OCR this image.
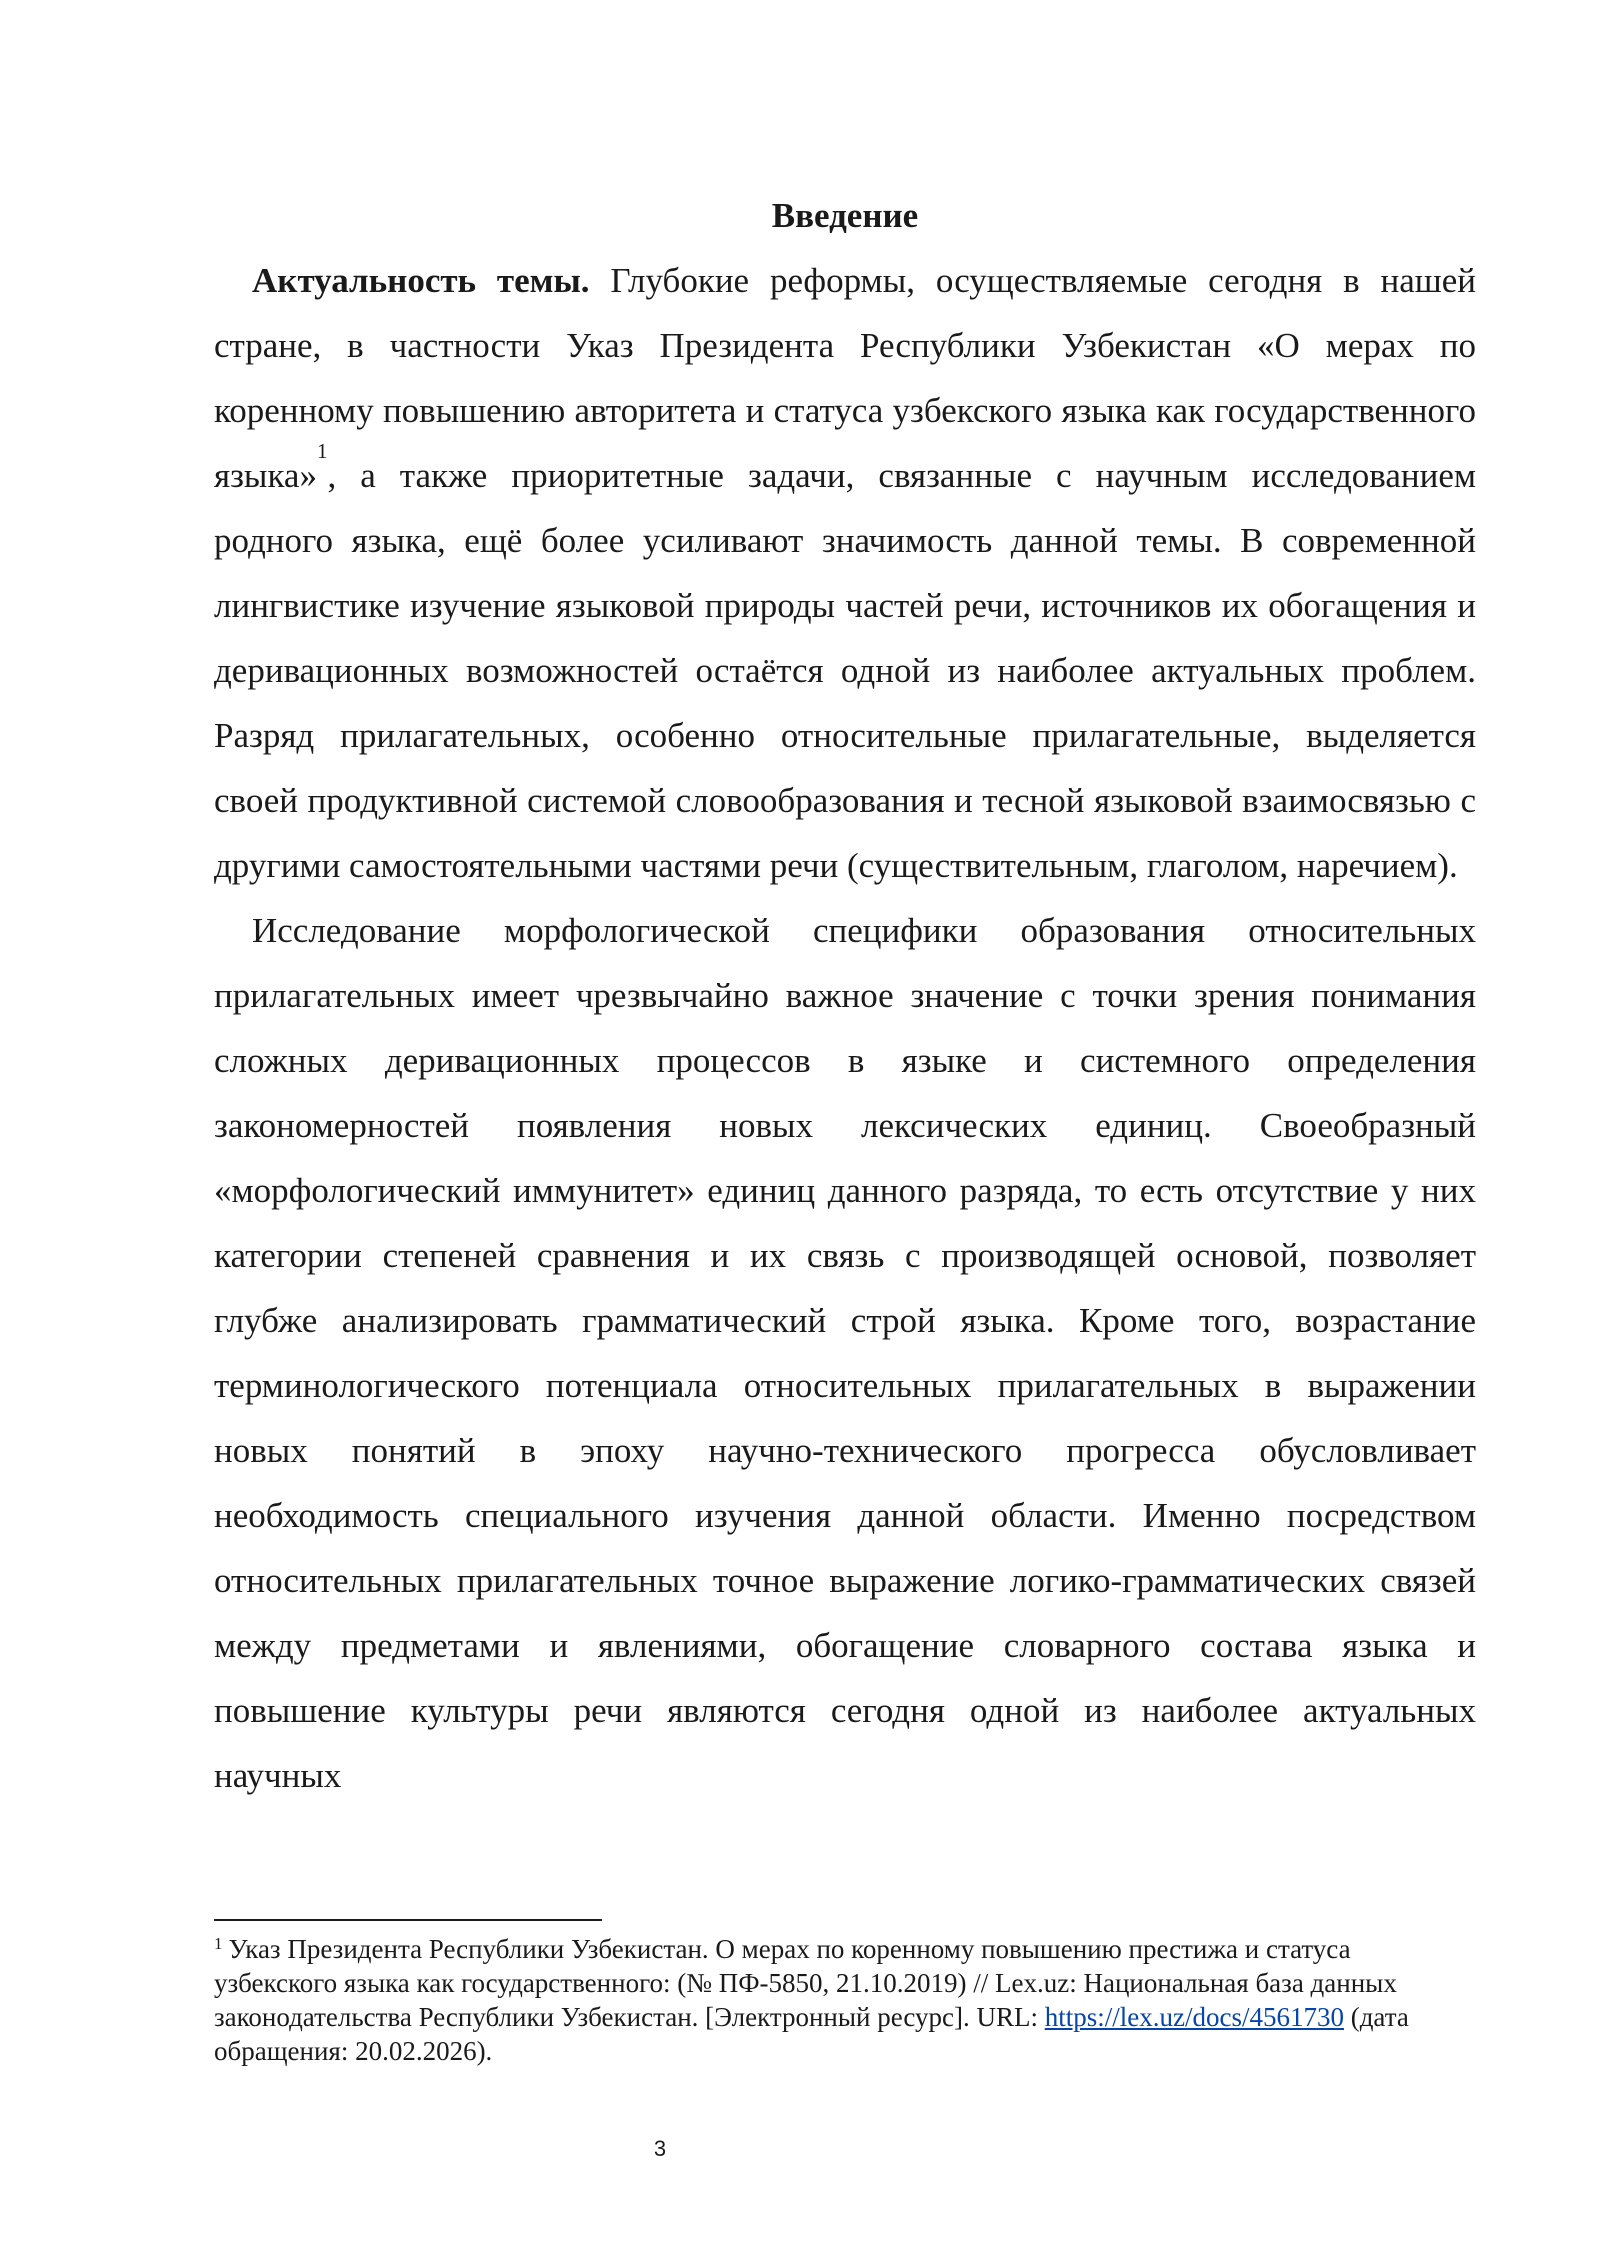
Введение

Актуальность темы. Глубокие реформы, осуществляемые сегодня в нашей стране, в частности Указ Президента Республики Узбекистан «О мерах по коренному повышению авторитета и статуса узбекского языка как государственного языка»$^1$, а также приоритетные задачи, связанные с научным исследованием родного языка, ещё более усиливают значимость данной темы. В современной лингвистике изучение языковой природы частей речи, источников их обогащения и деривационных возможностей остаётся одной из наиболее актуальных проблем. Разряд прилагательных, особенно относительные прилагательные, выделяется своей продуктивной системой словообразования и тесной языковой взаимосвязью с другими самостоятельными частями речи (существительным, глаголом, наречием).

Исследование морфологической специфики образования относительных прилагательных имеет чрезвычайно важное значение с точки зрения понимания сложных деривационных процессов в языке и системного определения закономерностей появления новых лексических единиц. Своеобразный «морфологический иммунитет» единиц данного разряда, то есть отсутствие у них категории степеней сравнения и их связь с производящей основой, позволяет глубже анализировать грамматический строй языка. Кроме того, возрастание терминологического потенциала относительных прилагательных в выражении новых понятий в эпоху научно-технического прогресса обусловливает необходимость специального изучения данной области. Именно посредством относительных прилагательных точное выражение логико-грамматических связей между предметами и явлениями, обогащение словарного состава языка и повышение культуры речи являются сегодня одной из наиболее актуальных научных

$^1$ Указ Президента Республики Узбекистан. О мерах по коренному повышению престижа и статуса узбекского языка как государственного: (№ ПФ-5850, 21.10.2019) // Lex.uz: Национальная база данных законодательства Республики Узбекистан. [Электронный ресурс]. URL: https://lex.uz/docs/4561730 (дата обращения: 20.02.2026).

3
